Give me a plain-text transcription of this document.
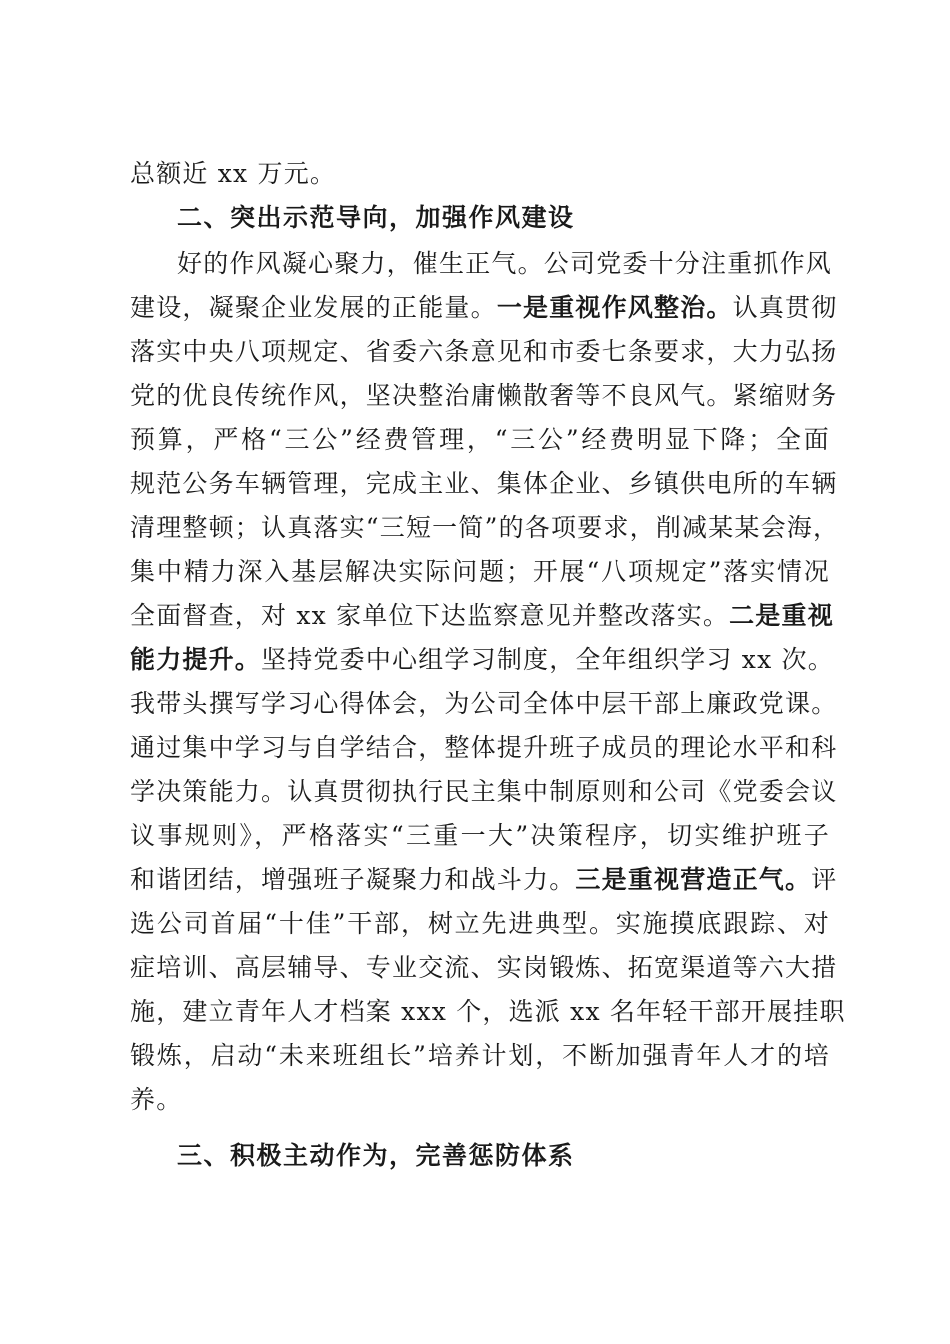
总额近 xx 万元。
二、突出示范导向，加强作风建设
好的作风凝心聚力，催生正气。公司党委十分注重抓作风
建设，凝聚企业发展的正能量。一是重视作风整治。认真贯彻
落实中央八项规定、省委六条意见和市委七条要求，大力弘扬
党的优良传统作风，坚决整治庸懒散奢等不良风气。紧缩财务
预算，严格“三公”经费管理，“三公”经费明显下降；全面
规范公务车辆管理，完成主业、集体企业、乡镇供电所的车辆
清理整顿；认真落实“三短一简”的各项要求，削减某某会海，
集中精力深入基层解决实际问题；开展“八项规定”落实情况
全面督查，对 xx 家单位下达监察意见并整改落实。二是重视
能力提升。坚持党委中心组学习制度，全年组织学习 xx 次。
我带头撰写学习心得体会，为公司全体中层干部上廉政党课。
通过集中学习与自学结合，整体提升班子成员的理论水平和科
学决策能力。认真贯彻执行民主集中制原则和公司《党委会议
议事规则》，严格落实“三重一大”决策程序，切实维护班子
和谐团结，增强班子凝聚力和战斗力。三是重视营造正气。评
选公司首届“十佳”干部，树立先进典型。实施摸底跟踪、对
症培训、高层辅导、专业交流、实岗锻炼、拓宽渠道等六大措
施，建立青年人才档案 xxx 个，选派 xx 名年轻干部开展挂职
锻炼，启动“未来班组长”培养计划，不断加强青年人才的培
养。
三、积极主动作为，完善惩防体系
